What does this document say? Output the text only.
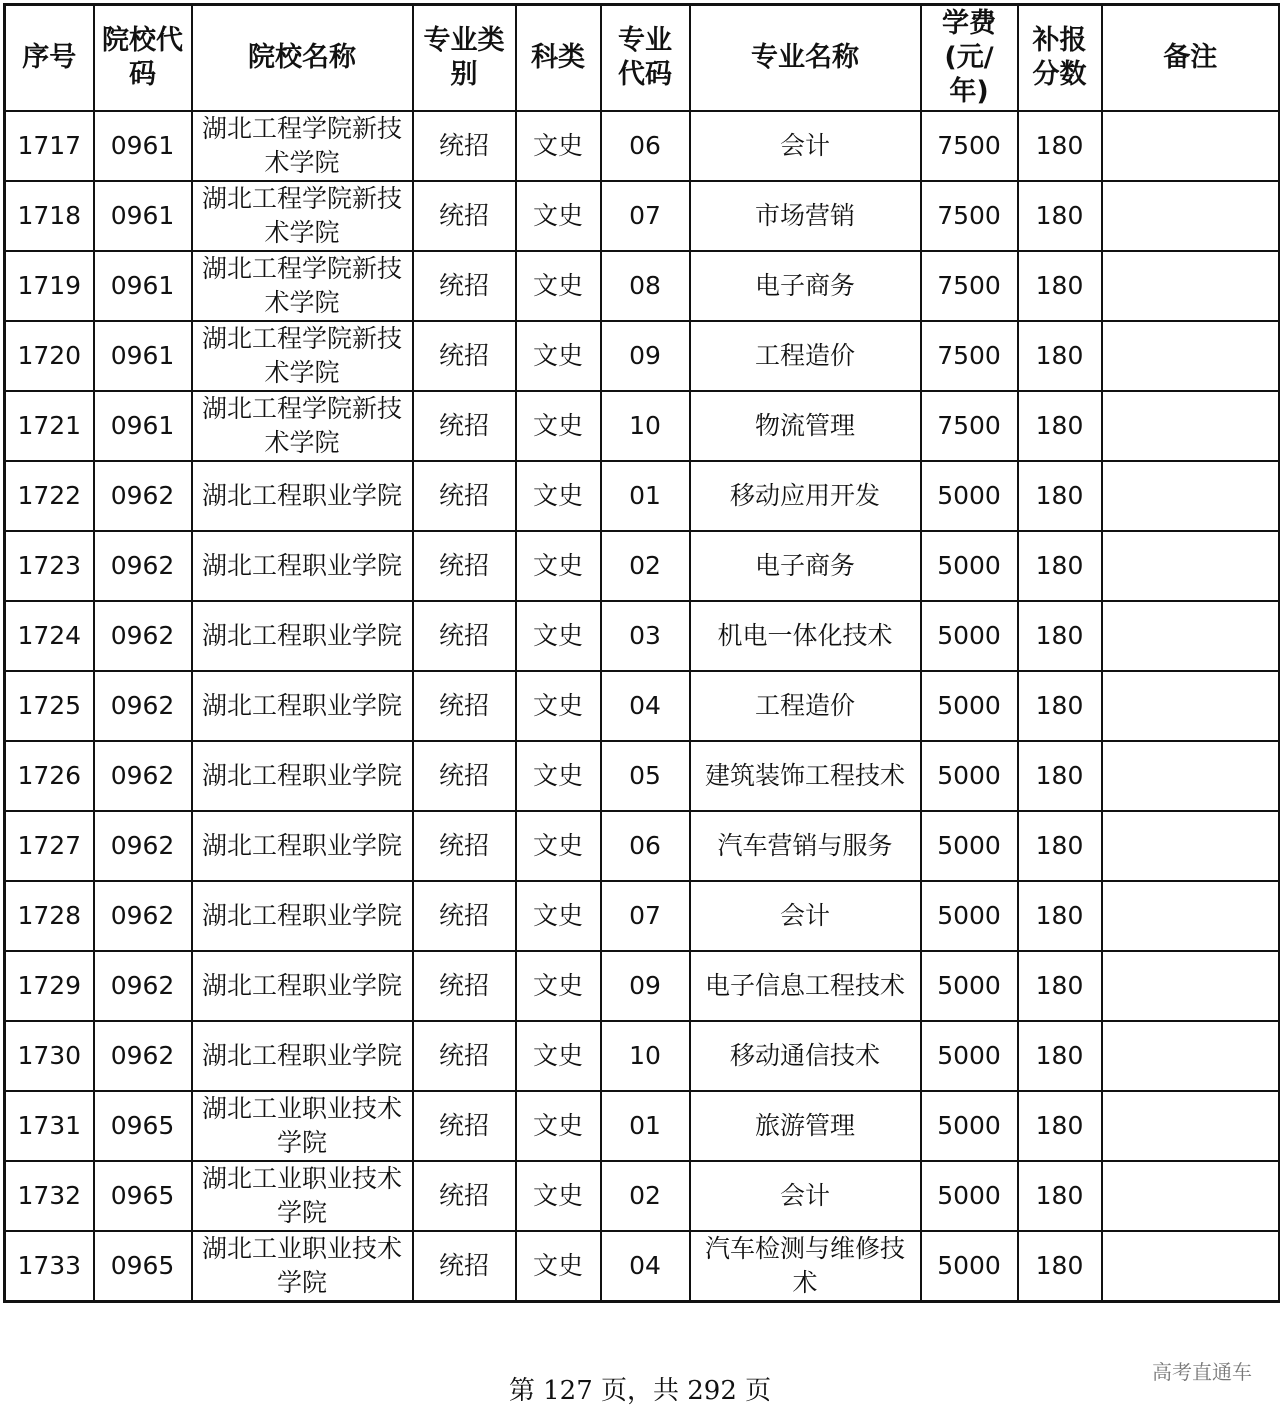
序号	院校代码	院校名称	专业类别	科类	专业代码	专业名称	学费(元/年)	补报分数	备注
1717	0961	湖北工程学院新技术学院	统招	文史	06	会计	7500	180	
1718	0961	湖北工程学院新技术学院	统招	文史	07	市场营销	7500	180	
1719	0961	湖北工程学院新技术学院	统招	文史	08	电子商务	7500	180	
1720	0961	湖北工程学院新技术学院	统招	文史	09	工程造价	7500	180	
1721	0961	湖北工程学院新技术学院	统招	文史	10	物流管理	7500	180	
1722	0962	湖北工程职业学院	统招	文史	01	移动应用开发	5000	180	
1723	0962	湖北工程职业学院	统招	文史	02	电子商务	5000	180	
1724	0962	湖北工程职业学院	统招	文史	03	机电一体化技术	5000	180	
1725	0962	湖北工程职业学院	统招	文史	04	工程造价	5000	180	
1726	0962	湖北工程职业学院	统招	文史	05	建筑装饰工程技术	5000	180	
1727	0962	湖北工程职业学院	统招	文史	06	汽车营销与服务	5000	180	
1728	0962	湖北工程职业学院	统招	文史	07	会计	5000	180	
1729	0962	湖北工程职业学院	统招	文史	09	电子信息工程技术	5000	180	
1730	0962	湖北工程职业学院	统招	文史	10	移动通信技术	5000	180	
1731	0965	湖北工业职业技术学院	统招	文史	01	旅游管理	5000	180	
1732	0965	湖北工业职业技术学院	统招	文史	02	会计	5000	180	
1733	0965	湖北工业职业技术学院	统招	文史	04	汽车检测与维修技术	5000	180	
第 127 页，共 292 页
高考直通车
